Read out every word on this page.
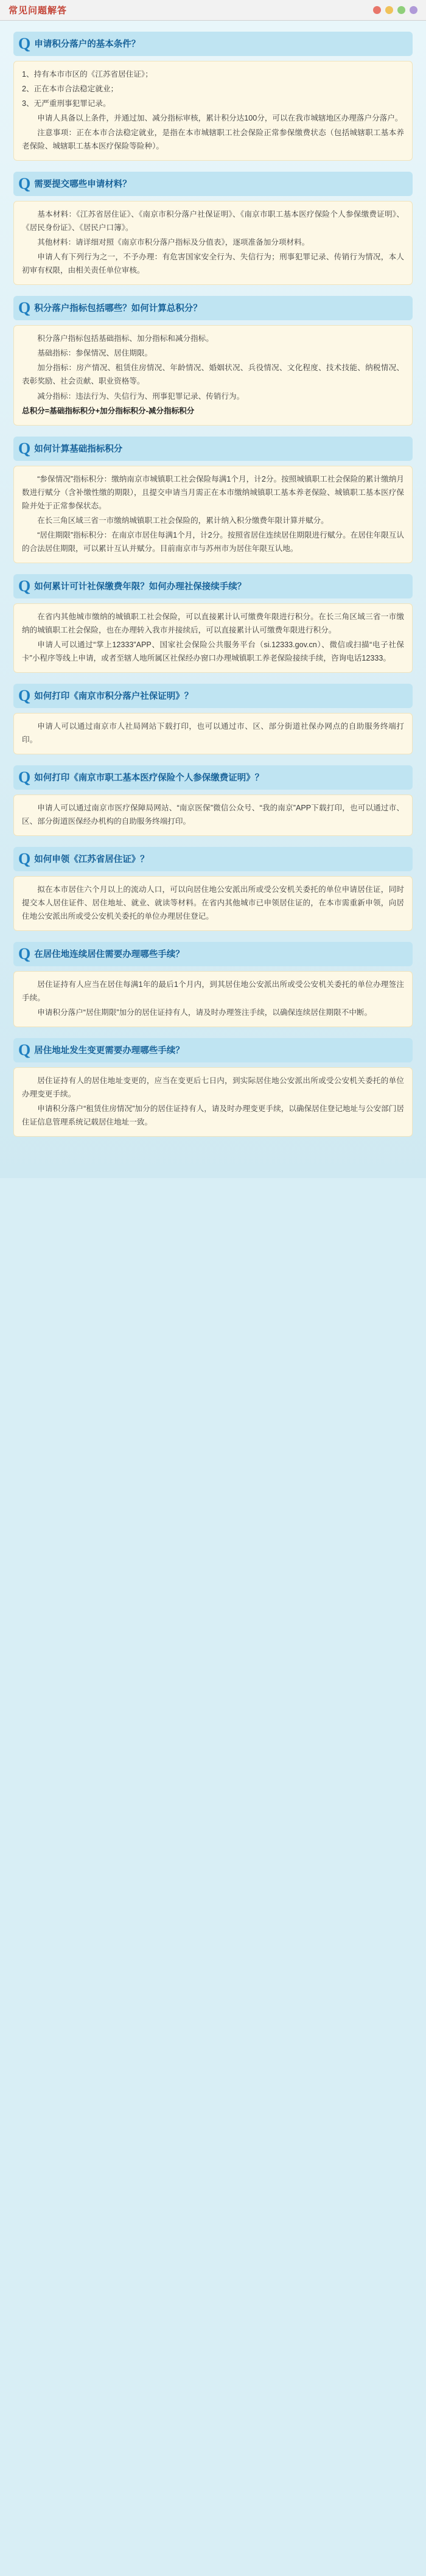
常见问题解答
Q 申请积分落户的基本条件？

1、持有本市市区的《江苏省居住证》；

2、正在本市合法稳定就业；

3、无严重刑事犯罪记录。

申请人具备以上条件，并通过加、减分指标审核，累计积分达100分，可以在我市城辖地区办理落户分落户。

注意事项：正在本市合法稳定就业，是指在本市城辖职工社会保险正常参保缴费状态（包括城辖职工基本养老保险、城辖职工基本医疗保险等险种）。

Q 需要提交哪些申请材料？

基本材料：《江苏省居住证》、《南京市积分落户社保证明》、《南京市职工基本医疗保险个人参保缴费证明》、《居民身份证》、《居民户口簿》。

其他材料：请详细对照《南京市积分落户指标及分值表》，逐项准备加分项材料。

申请人有下列行为之一，不予办理：有危害国家安全行为、失信行为；刑事犯罪记录、传销行为情况，本人初审有权限，由相关责任单位审核。

Q 积分落户指标包括哪些？如何计算总积分？

积分落户指标包括基础指标、加分指标和减分指标。

基础指标：参保情况、居住期限。

加分指标：房产情况、租赁住房情况、年龄情况、婚姻状况、兵役情况、文化程度、技术技能、纳税情况、表彰奖励、社会贡献、职业资格等。

减分指标：违法行为、失信行为、刑事犯罪记录、传销行为。

总积分=基础指标积分+加分指标积分-减分指标积分

Q 如何计算基础指标积分

“参保情况”指标积分：缴纳南京市城镇职工社会保险每满1个月，计2分。按照城镇职工社会保险的累计缴纳月数进行赋分（含补缴性缴的期限），且提交申请当月需正在本市缴纳城镇职工基本养老保险、城镇职工基本医疗保险并处于正常参保状态。

在长三角区域三省一市缴纳城镇职工社会保险的，累计纳入积分缴费年限计算并赋分。

“居住期限”指标积分：在南京市居住每满1个月，计2分。按照省居住连续居住期限进行赋分。在居住年限互认的合法居住期限，可以累计互认并赋分。目前南京市与苏州市为居住年限互认地。

Q 如何累计可计社保缴费年限？如何办理社保接续手续？

在省内其他城市缴纳的城镇职工社会保险，可以直接累计认可缴费年限进行积分。在长三角区域三省一市缴纳的城镇职工社会保险，也在办理转入我市并接续后，可以直接累计认可缴费年限进行积分。

申请人可以通过“掌上12333”APP、国家社会保险公共服务平台（si.12333.gov.cn）、微信或扫描“电子社保卡”小程序等线上申请，或者至辖人地所属区社保经办窗口办理城镇职工养老保险接续手续，咨询电话12333。

Q 如何打印《南京市积分落户社保证明》？

申请人可以通过南京市人社局网站下载打印，也可以通过市、区、部分街道社保办网点的自助服务终端打印。

Q 如何打印《南京市职工基本医疗保险个人参保缴费证明》？

申请人可以通过南京市医疗保障局网站、“南京医保”微信公众号、“我的南京”APP下载打印，也可以通过市、区、部分街道医保经办机构的自助服务终端打印。

Q 如何申领《江苏省居住证》？

拟在本市居住六个月以上的流动人口，可以向居住地公安派出所或受公安机关委托的单位申请居住证，同时提交本人居住证件、居住地址、就业、就读等材料。在省内其他城市已申领居住证的，在本市需重新申领，向居住地公安派出所或受公安机关委托的单位办理居住登记。

Q 在居住地连续居住需要办理哪些手续？

居住证持有人应当在居住每满1年的最后1个月内，到其居住地公安派出所或受公安机关委托的单位办理签注手续。

申请积分落户“居住期限”加分的居住证持有人，请及时办理签注手续，以确保连续居住期限不中断。

Q 居住地址发生变更需要办理哪些手续？

居住证持有人的居住地址变更的，应当在变更后七日内，到实际居住地公安派出所或受公安机关委托的单位办理变更手续。

申请积分落户“租赁住房情况”加分的居住证持有人，请及时办理变更手续，以确保居住登记地址与公安部门居住证信息管理系统记载居住地址一致。
